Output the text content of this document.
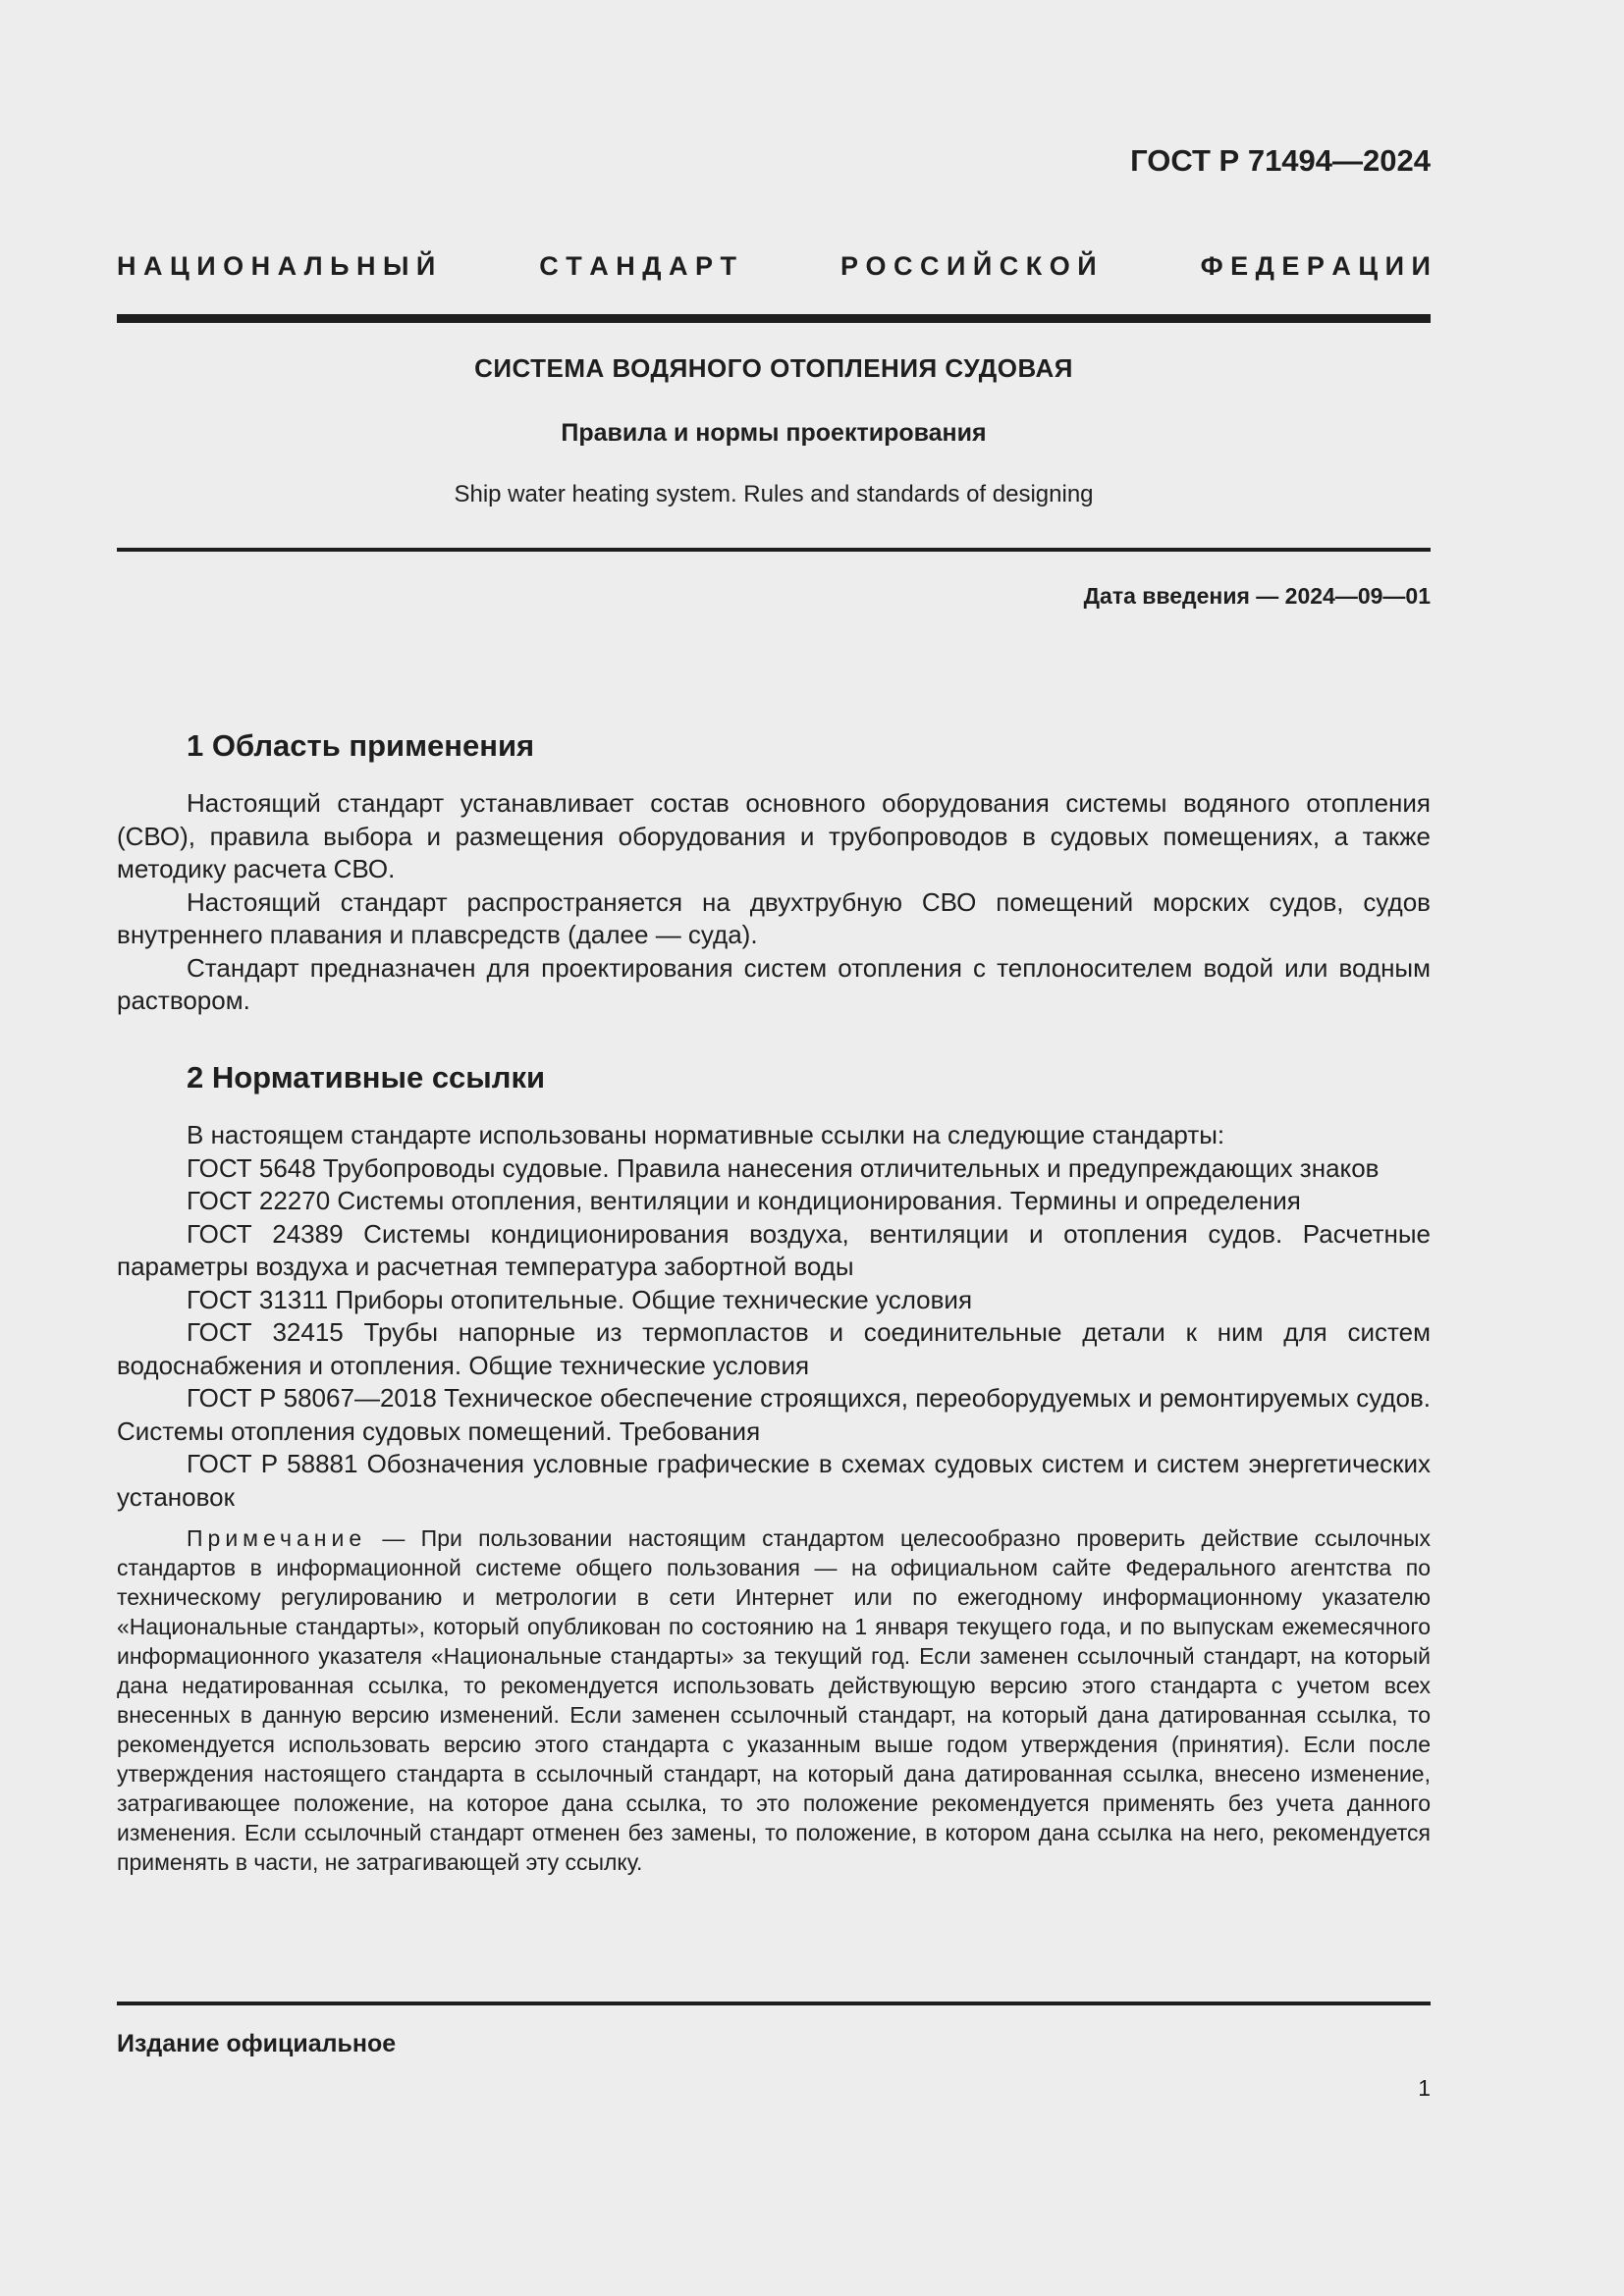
ГОСТ Р 71494—2024
Н А Ц И О Н А Л Ь Н Ы Й	С Т А Н Д А Р Т	Р О С С И Й С К О Й	Ф Е Д Е Р А Ц И И
СИСТЕМА ВОДЯНОГО ОТОПЛЕНИЯ СУДОВАЯ
Правила и нормы проектирования
Ship water heating system. Rules and standards of designing
Дата введения — 2024—09—01
1 Область применения

Настоящий стандарт устанавливает состав основного оборудования системы водяного отопления (СВО), правила выбора и размещения оборудования и трубопроводов в судовых помещениях, а также методику расчета СВО.

Настоящий стандарт распространяется на двухтрубную СВО помещений морских судов, судов внутреннего плавания и плавсредств (далее — суда).

Стандарт предназначен для проектирования систем отопления с теплоносителем водой или водным раствором.

2 Нормативные ссылки

В настоящем стандарте использованы нормативные ссылки на следующие стандарты:

ГОСТ 5648 Трубопроводы судовые. Правила нанесения отличительных и предупреждающих знаков

ГОСТ 22270 Системы отопления, вентиляции и кондиционирования. Термины и определения

ГОСТ 24389 Системы кондиционирования воздуха, вентиляции и отопления судов. Расчетные параметры воздуха и расчетная температура забортной воды

ГОСТ 31311 Приборы отопительные. Общие технические условия

ГОСТ 32415 Трубы напорные из термопластов и соединительные детали к ним для систем водоснабжения и отопления. Общие технические условия

ГОСТ Р 58067—2018 Техническое обеспечение строящихся, переоборудуемых и ремонтируемых судов. Системы отопления судовых помещений. Требования

ГОСТ Р 58881 Обозначения условные графические в схемах судовых систем и систем энергетических установок

Примечание — При пользовании настоящим стандартом целесообразно проверить действие ссылочных стандартов в информационной системе общего пользования — на официальном сайте Федерального агентства по техническому регулированию и метрологии в сети Интернет или по ежегодному информационному указателю «Национальные стандарты», который опубликован по состоянию на 1 января текущего года, и по выпускам ежемесячного информационного указателя «Национальные стандарты» за текущий год. Если заменен ссылочный стандарт, на который дана недатированная ссылка, то рекомендуется использовать действующую версию этого стандарта с учетом всех внесенных в данную версию изменений. Если заменен ссылочный стандарт, на который дана датированная ссылка, то рекомендуется использовать версию этого стандарта с указанным выше годом утверждения (принятия). Если после утверждения настоящего стандарта в ссылочный стандарт, на который дана датированная ссылка, внесено изменение, затрагивающее положение, на которое дана ссылка, то это положение рекомендуется применять без учета данного изменения. Если ссылочный стандарт отменен без замены, то положение, в котором дана ссылка на него, рекомендуется применять в части, не затрагивающей эту ссылку.

Издание официальное
1
